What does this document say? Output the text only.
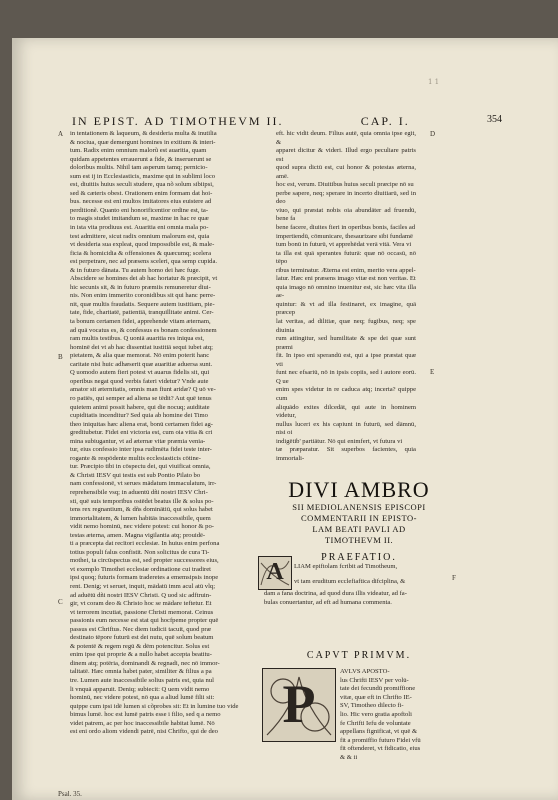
1 1
IN EPIST. AD TIMOTHEVM II.	CAP. I.	354
A
B
C
Psal. 35.
D
E
F

in tentationem & laqueum, & desideria multa & inutilia

& nociua, quæ demergunt homines in exitium & interi-

tum. Radix enim omnium malorũ est auaritia, quam

quidam appetentes errauerunt a fide, & inseruerunt se

doloribus multis. Nihil tam asperum tamq; pernicio-

sum est ij in Ecclesiasticis, maxime qui in sublimi loco

est, diuitiis huius seculi studere, qua nõ solum sibiipsi,

sed & cæteris obest. Orationem enim formam dat hoi-

bus. necesse est eni multos imitatores eius euistere ad

perditionẽ. Quanto eni honorificentior ordine est, ta-

to magis studet imitandum se, maxime in hac re quæ

in ista vita prodiuus est. Auaritia eni omnia mala po-

test admittere, sicut radix omnium malorum est, quia

vt desideria sua expleat, quod impossibile est, & male-

ficia & homicidia & offensiones & quæcumq; scelera

est perpetrare, nec ad præsens sceleri, qua semp cupida.

& in futuro dānata. Tu autem homo dei hæc fuge.

Abscidere se homines dei ab hac hortatur & præcipit, vt

hic secunis sit, & in futuro præmiis remuneretur diui-

nis. Non enim immerito coronidibus sit qui hanc perre-

nit, quæ multis fraudatis. Sequere autem iustitiam, pie-

tate, fide, charitatē, patientiā, tranquillitate animi. Cer-

ta bonum certamen fidei, apprehende vitam æternam,

ad quā vocatus es, & confessus es bonam confessionem

ram multis testibus. Q uoniā auaritia res iniqua est,

hominē dei vt ab hac dissentiat iustitiā sequi iubet atq;

pietatem, & alia quæ memorat. Nō enim poterit hanc

caritate nisi huic adhæserit quæ auaritiæ aduersa sunt.

Q uomodo autem fieri potest vt auarus fidelis sit, qui

operibus negat quod verbis fateri videtur? Vnde aute

amator sit æternitatis, omnis man fiunt aridæ? Q uō ve-

ro patiēs, qui semper ad aliena se tēdit? Aut quē tenus

quietem animi possit habere, qui die nocuq; auiditate

cupiditatis incenditur? Sed quia ab homine dei Timo

theo iniquitas hæc aliena erat, bonū certamen fidei ag-

greditubetur. Fidei eni victoria est, cum oia vitia & cri

mina subiugantur, vt ad æternæ vitæ præmia venia-

tur, eius confessio inter ipsa rudimēta fidei teste inter-

rogante & respōdente multis ecclesiasticis cōtine-

tur. Præcipio tibi in cōspectu dei, qui viuificat omnia,

& Christi IESV qui testis est sub Pontio Pilato bo

nam confessionē, vt serues mādatum immaculatum, irr-

reprehensibile vsq; in aduentū dñi nostri IESV Chri-

sti, quē suis temporibus ostēdet beatus ille & solus po-

tens rex regnantium, & dñs dominātiū, qui solus habet

immortalitatem, & lumen habitās inaccessibile, quem

vidit nemo hominū, nec videre potest: cui honor & po-

testas æterna, amen. Magna vigilantia atq; prouidē-

ti a præcepta dat recītori ecclesiæ. In huius enim perfona

totius populi falus confistit. Non solicitus de cura Ti-

mothei, ta circūspectus est, sed propter successores eius,

vt exemplo Timothei ecclesiæ ordinatione cui tradiret

ipsi quoq; futuris formam traderetes a ememsipsis inope

rent. Denig; vt seruet, inquit, mādatū imm acul atū vlq;

ad aduētū dñi nostri IESV Christi. Q uod sic adftruin-

gir, vt coram deo & Christo hoc se mādare teftetur. Et

vt terrorem incutiat, passione Christi memorat. Ceinus

passionis eum necesse est stat qui hocfpeme propter quē

passus est Chriftus. Nec diem iudicii tacuit, quod præ

destinato tēpore futurū est dei nutu, quē solum beatum

& potentē & regem regū & dēm potencitur. Solus est

enim ipse qui proprie & a nullo habet accepta beatitu-

dinem atq; potēria, dominandi & regnadi, nec nō immor-

talitatē. Hæc omnia habet pater, similiter & filius a pa

tre. Lumen aute inaccessibile solius patris est, quia nul

li vnquā apparuit. Deniq; subiecit: Q uem vidit nemo

hominū, nec videre potest, nō qua a aliud lumē filii sit:

quippe cum ipsi idē lumen si cõprobes sit: Et in lumine tuo vide

bimus lumē. hoc est lumē patris esse i filio, sed q a nemo

videt patrem, ac per hoc inaccessibile habitat lumē. Nō

est eni ordo aliom videndi patrē, nisi Chrifto, qui de deo

eft. hic vidit deum. Filius autē, quia omnia ipse egit, &

apparet dicitur & videri. Illud ergo peculiare patris est

quod supra dictū est, cui honor & potestas æterna, amē.

hoc est, verum. Diuitibus huius seculi præcipe nō su

perbe sapere, neq; sperare in incerto diuitiarū, sed in deo

viuo, qui præstat nobis oia abundāter ad fruendū, bene fa

bene facere, diuites fieri in operibus bonis, faciles ad

impertiendū, cōmunicare, thesaurizare sibi fundamē

tum bonū in futurū, vt apprehēdat verā vitā. Vera vi

ta illa est quā sperantes futurā: quæ nō occasū, nō tēpo

ribus terminatur. Æterna est enim, merito vera appel-

latur. Hæc eni præsens imago vitæ est non veritas. Et

quia imago nō omnino inuenitur est, sic hæc vita illa ae-

quintur: & vt ad illa festinaret, ex imagine, quā præcep

lat veritas, ad dilitiæ, quæ neq; fugibus, neq; spe diuinia

rum attingitur, sed humilitate & spe dei quæ sunt præmi

fit. In ipso eni sperandū est, qui a ipse præstat quæ vti

funt nec efsariū, nō in ipsis copiis, sed i autore eorū. Q ue

enim spes videtur in re caduca atq; incerta? quippe cum

aliquādo exites dilcedāt, qui aute in hominem videtur,

nullus luceri ex his capiunt in futurū, sed dāmnū, nisi oi

indigētib' partiātur. Nō qui enimfert, vt futura vi

tæ præparatur. Sit superbos facientes, quia immortali-

DIVI AMBRO
SII MEDIOLANENSIS EPISCOPI
COMMENTARII IN EPISTO-
LAM BEATI PAVLI AD
TIMOTHEVM II.
PRAEFATIO.
A LIAM epiftolam fcribit ad Timotheum,

vt tam eruditum ecclefiaftica difciplina, &

dam a fana doctrina, ad quod dura illis videatur, ad fa-

bulas conuertantur, ad eft ad humana commenta.

CAPVT PRIMVM.
P

AVLVS APOSTO-

lus Chrifti IESV per volū-

tate dei fecundū promiffione

vitæ, quæ eft in Chrifto IE-

SV, Timotheo dilecto fi-

lio. Hic vero gratia apoftoli

fe Chrifti Iefu de voluntate

appellans fignificat, vt quē &

fit a promiffio futuro Fidei vfū

fit oftenderet, vt fidicatio, eius

& & ii
